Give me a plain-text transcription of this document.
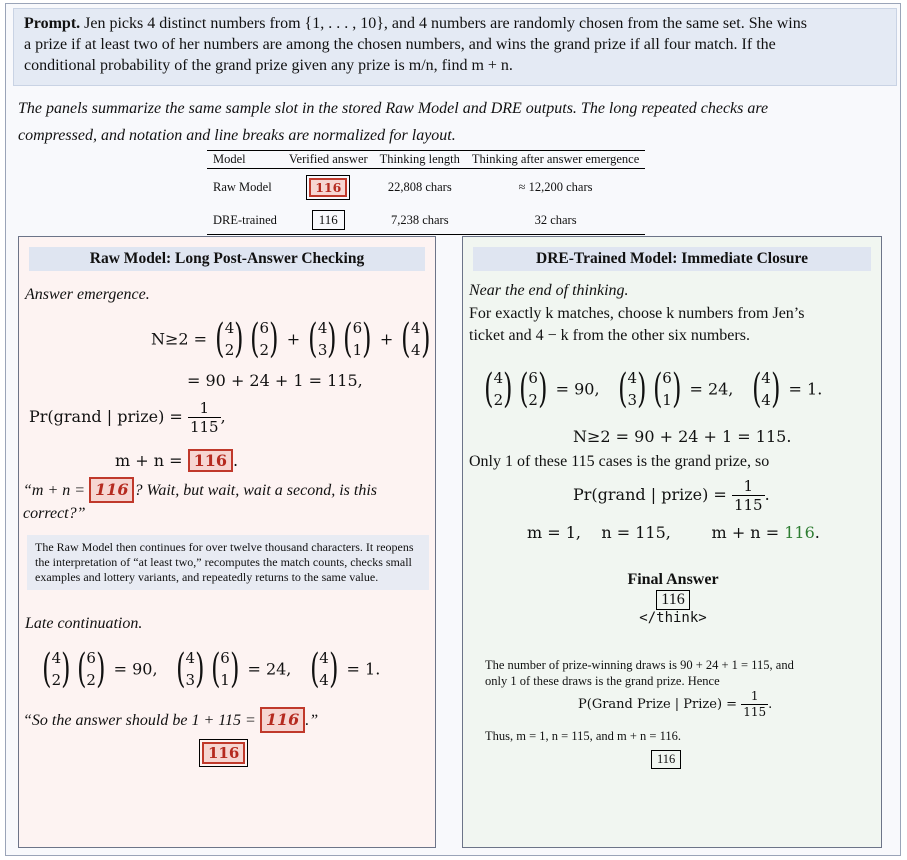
Prompt. Jen picks 4 distinct numbers from {1, . . . , 10}, and 4 numbers are randomly chosen from the same set. She wins
a prize if at least two of her numbers are among the chosen numbers, and wins the grand prize if all four match. If the
conditional probability of the grand prize given any prize is m/n, find m + n.
The panels summarize the same sample slot in the stored Raw Model and DRE outputs. The long repeated checks are
compressed, and notation and line breaks are normalized for layout.
Model	Verified answer	Thinking length	Thinking after answer emergence
Raw Model	116	22,808 chars	≈ 12,200 chars
DRE-trained	116	7,238 chars	32 chars
Raw Model: Long Post-Answer Checking
Answer emergence.
N≥2 = (4
2) (6
2) + (4
3) (6
1) + (4
4)
= 90 + 24 + 1 = 115,
Pr(grand | prize) = $\frac{1}{115}$ ,
m + n = 116 .
“m + n = 116 ? Wait, but wait, wait a second, is this
correct?”
The Raw Model then continues for over twelve thousand characters. It reopens the interpretation of “at least two,” recomputes the match counts, checks small examples and lottery variants, and repeatedly returns to the same value.
Late continuation.
(4
2) (6
2) = 90, (4
3) (6
1) = 24, (4
4) = 1.
“So the answer should be 1 + 115 = 116 .”
116
DRE-Trained Model: Immediate Closure
Near the end of thinking.
For exactly k matches, choose k numbers from Jen’s
ticket and 4 − k from the other six numbers.
(4
2) (6
2) = 90, (4
3) (6
1) = 24, (4
4) = 1.
N≥2 = 90 + 24 + 1 = 115.
Only 1 of these 115 cases is the grand prize, so
Pr(grand | prize) = $\frac{1}{115}$ .
m = 1,    n = 115,        m + n = 116.
Final Answer
116
</think>
The number of prize-winning draws is 90 + 24 + 1 = 115, and
only 1 of these draws is the grand prize. Hence
P(Grand Prize | Prize) = $\frac{1}{115}$ .
Thus, m = 1, n = 115, and m + n = 116.
116
